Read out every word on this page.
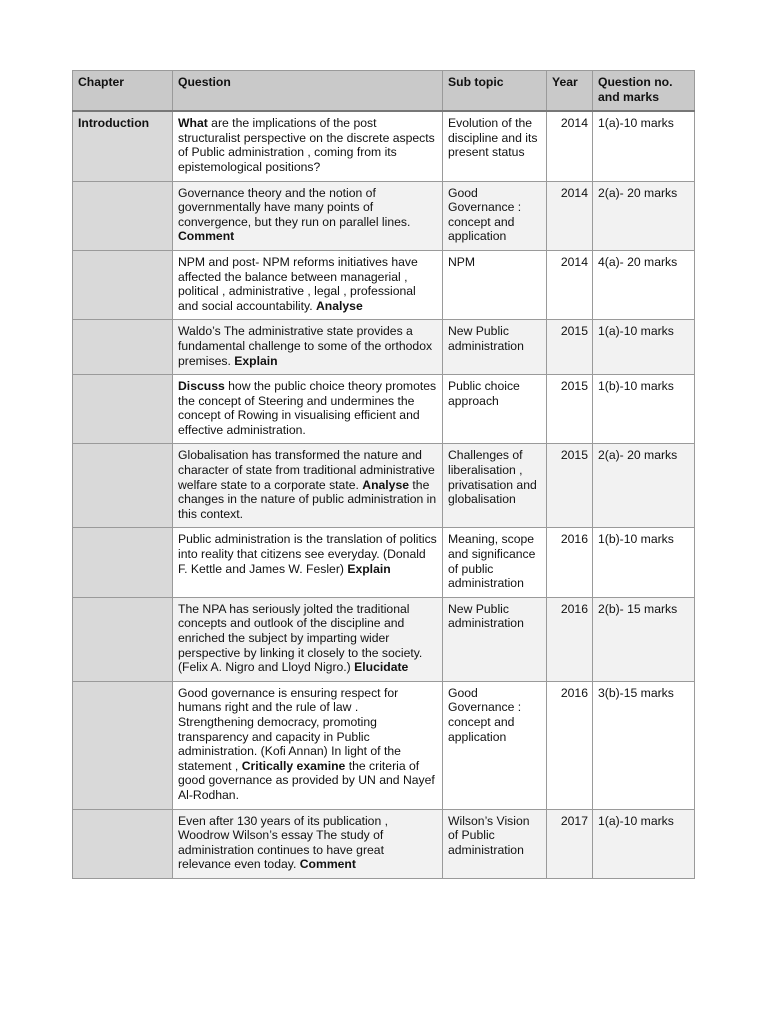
Chapter	Question	Sub topic	Year	Question no. and marks
Introduction	What are the implications of the post structuralist perspective on the discrete aspects of Public administration , coming from its epistemological positions?	Evolution of the discipline and its present status	2014	1(a)-10 marks
	Governance theory and the notion of governmentally have many points of convergence, but they run on parallel lines. Comment	Good Governance : concept and application	2014	2(a)- 20 marks
	NPM and post- NPM reforms initiatives have affected the balance between managerial , political , administrative , legal , professional and social accountability. Analyse	NPM	2014	4(a)- 20 marks
	Waldo’s The administrative state provides a fundamental challenge to some of the orthodox premises. Explain	New Public administration	2015	1(a)-10 marks
	Discuss how the public choice theory promotes the concept of Steering and undermines the concept of Rowing in visualising efficient and effective administration.	Public choice approach	2015	1(b)-10 marks
	Globalisation has transformed the nature and character of state from traditional administrative welfare state to a corporate state. Analyse the changes in the nature of public administration in this context.	Challenges of liberalisation , privatisation and globalisation	2015	2(a)- 20 marks
	Public administration is the translation of politics into reality that citizens see everyday. (Donald F. Kettle and James W. Fesler) Explain	Meaning, scope and significance of public administration	2016	1(b)-10 marks
	The NPA has seriously jolted the traditional concepts and outlook of the discipline and enriched the subject by imparting wider perspective by linking it closely to the society. (Felix A. Nigro and Lloyd Nigro.) Elucidate	New Public administration	2016	2(b)- 15 marks
	Good governance is ensuring respect for humans right and the rule of law . Strengthening democracy, promoting transparency and capacity in Public administration. (Kofi Annan) In light of the statement , Critically examine the criteria of good governance as provided by UN and Nayef Al-Rodhan.	Good Governance : concept and application	2016	3(b)-15 marks
	Even after 130 years of its publication , Woodrow Wilson’s essay The study of administration continues to have great relevance even today. Comment	Wilson’s Vision of Public administration	2017	1(a)-10 marks
